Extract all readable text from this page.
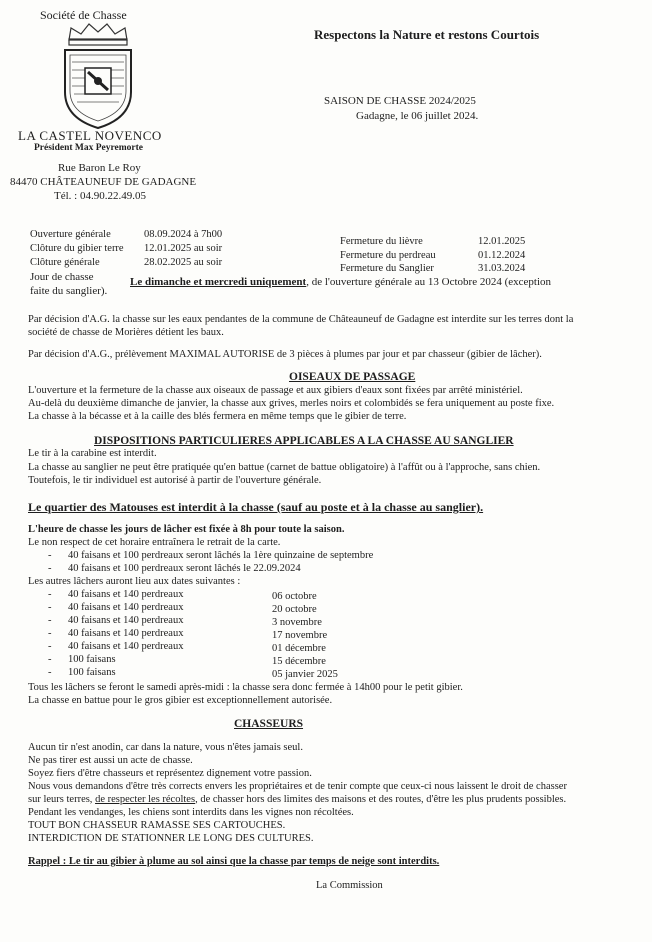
Société de Chasse
LA CASTEL NOVENCO
Président Max Peyremorte
Rue Baron Le Roy
84470 CHÂTEAUNEUF DE GADAGNE
Tél. : 04.90.22.49.05
Respectons la Nature et restons Courtois
SAISON DE CHASSE 2024/2025
Gadagne, le 06 juillet 2024.
Ouverture générale	08.09.2024 à 7h00
Clôture du gibier terre 12.01.2025 au soir
Clôture générale	28.02.2025 au soir
Fermeture du lièvre	12.01.2025
Fermeture du perdreau	01.12.2024
Fermeture du Sanglier	31.03.2024
Jour de chasse	Le dimanche et mercredi uniquement, de l'ouverture générale au 13 Octobre 2024 (exception
faite du sanglier).
Par décision d'A.G. la chasse sur les eaux pendantes de la commune de Châteauneuf de Gadagne est interdite sur les terres dont la
société de chasse de Morières détient les baux.
Par décision d'A.G., prélèvement MAXIMAL AUTORISE de 3 pièces à plumes par jour et par chasseur (gibier de lâcher).
OISEAUX DE PASSAGE
L'ouverture et la fermeture de la chasse aux oiseaux de passage et aux gibiers d'eaux sont fixées par arrêté ministériel.
Au-delà du deuxième dimanche de janvier, la chasse aux grives, merles noirs et colombidés se fera uniquement au poste fixe.
La chasse à la bécasse et à la caille des blés fermera en même temps que le gibier de terre.
DISPOSITIONS PARTICULIERES APPLICABLES A LA CHASSE AU SANGLIER
Le tir à la carabine est interdit.
La chasse au sanglier ne peut être pratiquée qu'en battue (carnet de battue obligatoire) à l'affût ou à l'approche, sans chien.
Toutefois, le tir individuel est autorisé à partir de l'ouverture générale.
Le quartier des Matouses est interdit à la chasse (sauf au poste et à la chasse au sanglier).
L'heure de chasse les jours de lâcher est fixée à 8h pour toute la saison.
Le non respect de cet horaire entraînera le retrait de la carte.
- 40 faisans et 100 perdreaux seront lâchés la 1ère quinzaine de septembre
- 40 faisans et 100 perdreaux seront lâchés le 22.09.2024
Les autres lâchers auront lieu aux dates suivantes :
- 40 faisans et 140 perdreaux	06 octobre
- 40 faisans et 140 perdreaux	20 octobre
- 40 faisans et 140 perdreaux	3 novembre
- 40 faisans et 140 perdreaux	17 novembre
- 40 faisans et 140 perdreaux	01 décembre
- 100 faisans	15 décembre
- 100 faisans	05 janvier 2025
Tous les lâchers se feront le samedi après-midi : la chasse sera donc fermée à 14h00 pour le petit gibier.
La chasse en battue pour le gros gibier est exceptionnellement autorisée.
CHASSEURS
Aucun tir n'est anodin, car dans la nature, vous n'êtes jamais seul.
Ne pas tirer est aussi un acte de chasse.
Soyez fiers d'être chasseurs et représentez dignement votre passion.
Nous vous demandons d'être très corrects envers les propriétaires et de tenir compte que ceux-ci nous laissent le droit de chasser
sur leurs terres, de respecter les récoltes, de chasser hors des limites des maisons et des routes, d'être les plus prudents possibles.
Pendant les vendanges, les chiens sont interdits dans les vignes non récoltées.
TOUT BON CHASSEUR RAMASSE SES CARTOUCHES.
INTERDICTION DE STATIONNER LE LONG DES CULTURES.
Rappel : Le tir au gibier à plume au sol ainsi que la chasse par temps de neige sont interdits.
La Commission
